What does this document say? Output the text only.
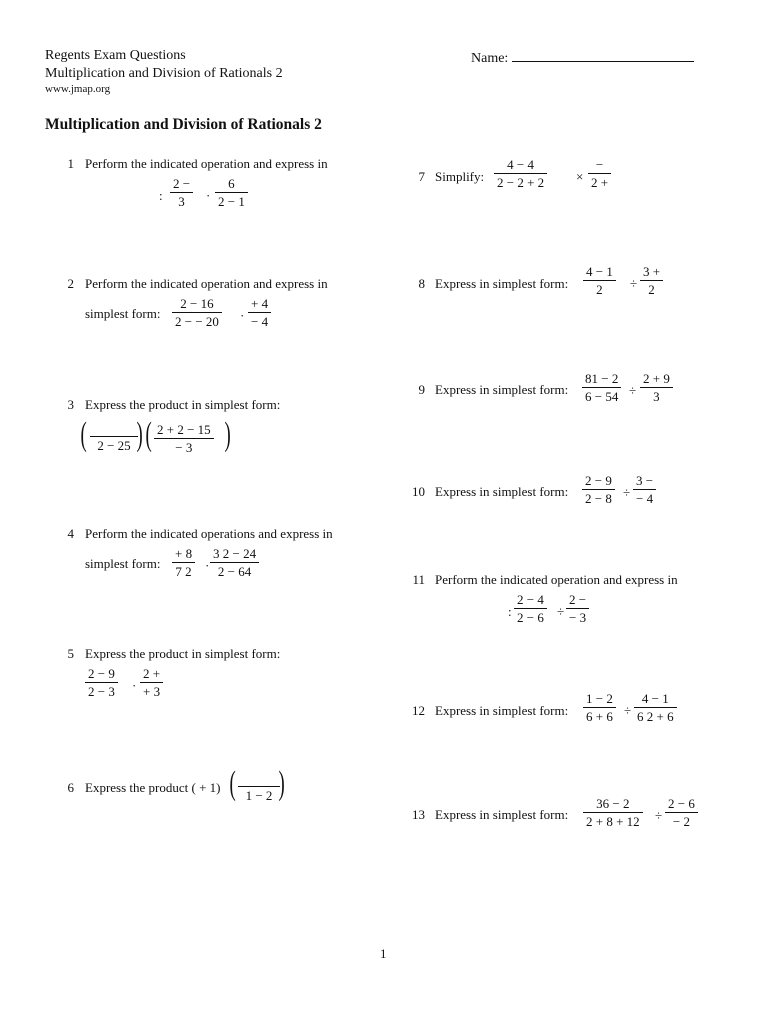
Regents Exam Questions
Multiplication and Division of Rationals 2
www.jmap.org
Name:
Multiplication and Division of Rationals 2
1 Perform the indicated operation and express in
:
2 −
3 ·
6
2 − 1
2 Perform the indicated operation and express in
simplest form:
2 − 16
2 − − 20 ·
+ 4
− 4
3 Express the product in simplest form:
( 2 − 25 ) ( 2 + 2 − 15
− 3 )
4 Perform the indicated operations and express in
simplest form:
+ 8
7 2 ·
3 2 − 24
2 − 64
5 Express the product in simplest form:
2 − 9
2 − 3 ·
2 +
+ 3
6 Express the product ( + 1) ( 1 − 2 )
7 Simplify:
4 − 4
2 − 2 + 2 ×
−
2 +
8 Express in simplest form:
4 − 1
2 ÷
3 +
2
9 Express in simplest form:
81 − 2
6 − 54 ÷
2 + 9
3
10 Express in simplest form:
2 − 9
2 − 8 ÷
3 −
− 4
11 Perform the indicated operation and express in
:
2 − 4
2 − 6 ÷
2 −
− 3
12 Express in simplest form:
1 − 2
6 + 6 ÷
4 − 1
6 2 + 6
13 Express in simplest form:
36 − 2
2 + 8 + 12 ÷
2 − 6
− 2
1
